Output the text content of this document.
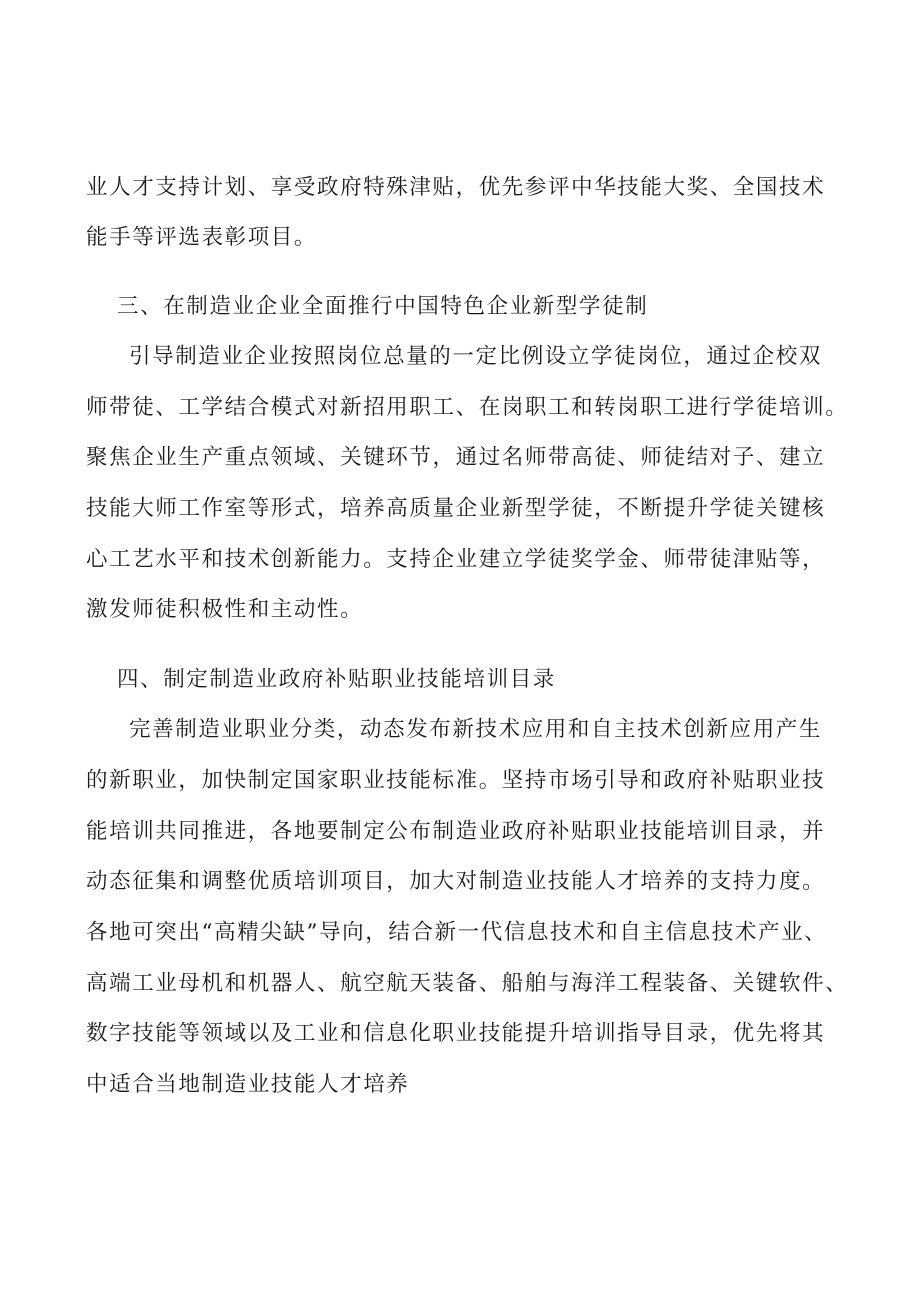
业人才支持计划、享受政府特殊津贴，优先参评中华技能大奖、全国技术
能手等评选表彰项目。
三、在制造业企业全面推行中国特色企业新型学徒制
引导制造业企业按照岗位总量的一定比例设立学徒岗位，通过企校双
师带徒、工学结合模式对新招用职工、在岗职工和转岗职工进行学徒培训。
聚焦企业生产重点领域、关键环节，通过名师带高徒、师徒结对子、建立
技能大师工作室等形式，培养高质量企业新型学徒，不断提升学徒关键核
心工艺水平和技术创新能力。支持企业建立学徒奖学金、师带徒津贴等，
激发师徒积极性和主动性。
四、制定制造业政府补贴职业技能培训目录
完善制造业职业分类，动态发布新技术应用和自主技术创新应用产生
的新职业，加快制定国家职业技能标准。坚持市场引导和政府补贴职业技
能培训共同推进，各地要制定公布制造业政府补贴职业技能培训目录，并
动态征集和调整优质培训项目，加大对制造业技能人才培养的支持力度。
各地可突出“高精尖缺”导向，结合新一代信息技术和自主信息技术产业、
高端工业母机和机器人、航空航天装备、船舶与海洋工程装备、关键软件、
数字技能等领域以及工业和信息化职业技能提升培训指导目录，优先将其
中适合当地制造业技能人才培养
